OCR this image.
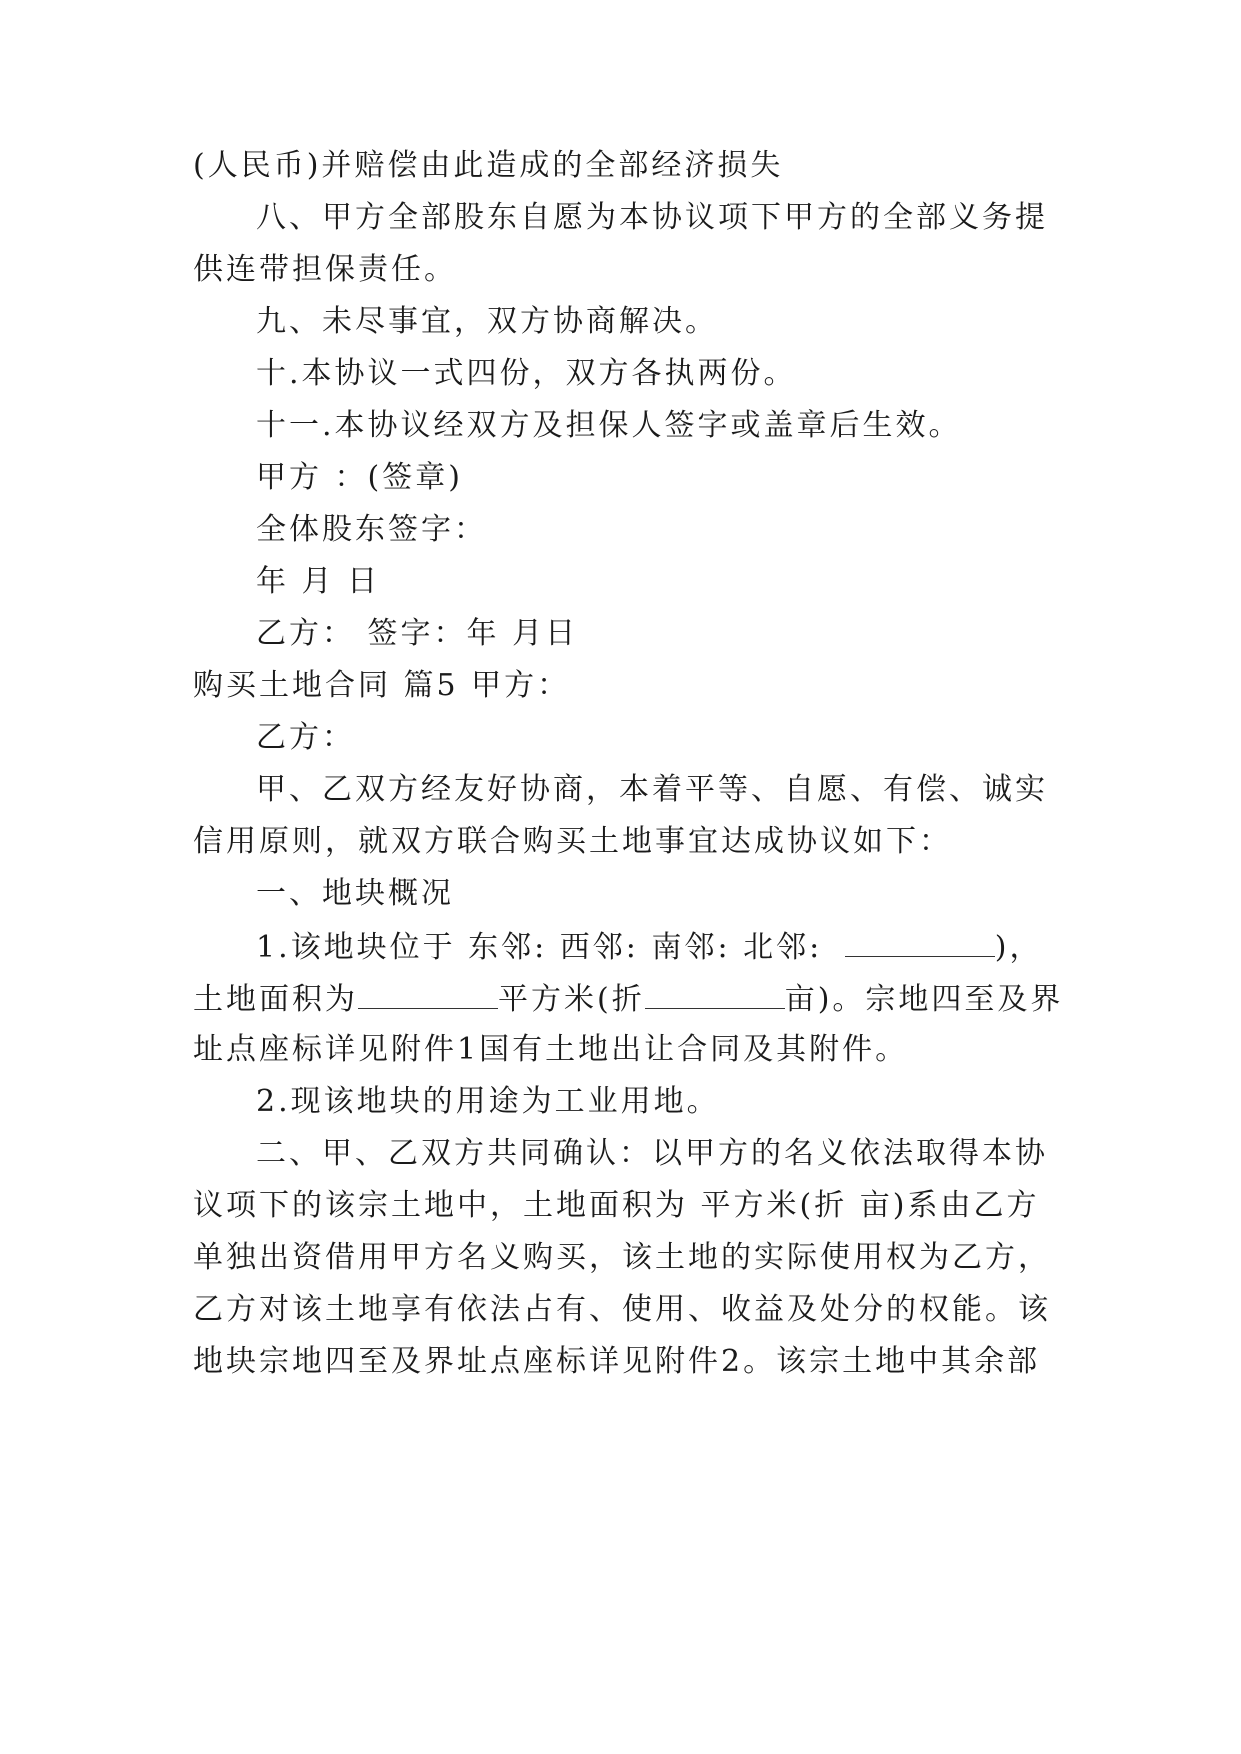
(人民币)并赔偿由此造成的全部经济损失
八、甲方全部股东自愿为本协议项下甲方的全部义务提
供连带担保责任。
九、未尽事宜，双方协商解决。
十.本协议一式四份，双方各执两份。
十一.本协议经双方及担保人签字或盖章后生效。
甲方 ：(签章)
全体股东签字：
年 月 日
乙方： 签字：年 月日
购买土地合同 篇5 甲方：
乙方：
甲、乙双方经友好协商，本着平等、自愿、有偿、诚实
信用原则，就双方联合购买土地事宜达成协议如下：
一、地块概况
1.该地块位于 东邻: 西邻: 南邻: 北邻:	)，
土地面积为	平方米(折	亩)。宗地四至及界
址点座标详见附件1国有土地出让合同及其附件。
2.现该地块的用途为工业用地。
二、甲、乙双方共同确认：以甲方的名义依法取得本协
议项下的该宗土地中，土地面积为 平方米(折 亩)系由乙方
单独出资借用甲方名义购买，该土地的实际使用权为乙方，
乙方对该土地享有依法占有、使用、收益及处分的权能。该
地块宗地四至及界址点座标详见附件2。该宗土地中其余部
